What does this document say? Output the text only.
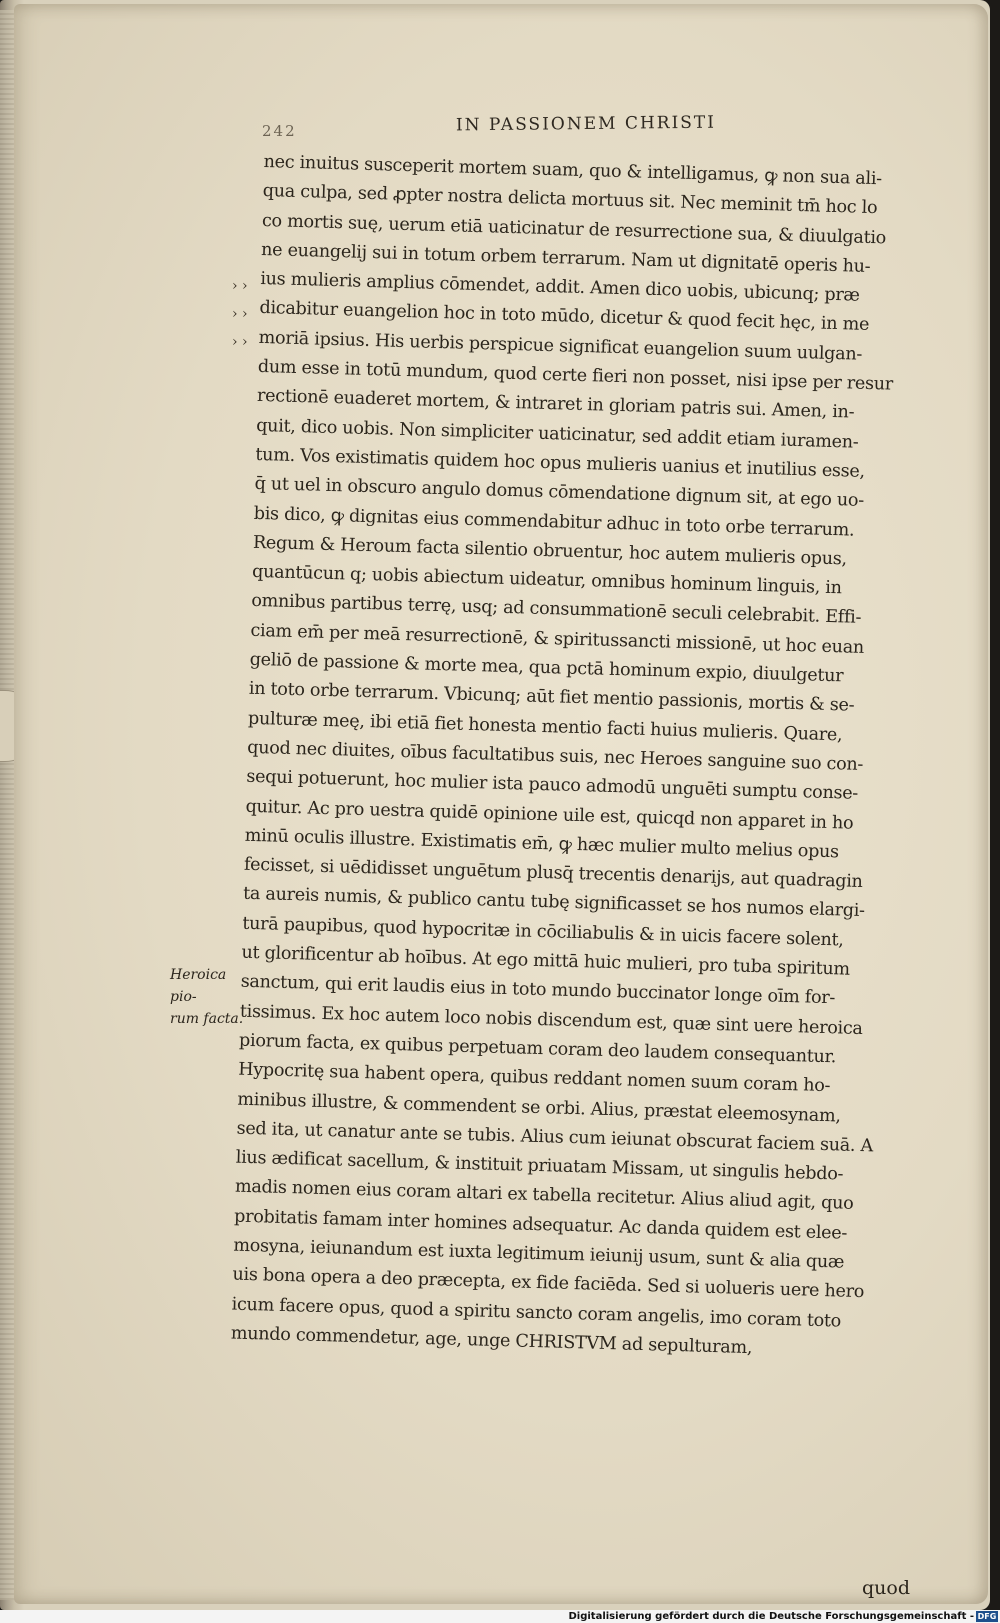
242	IN PASSIONEM CHRISTI
› ›
› ›
› ›
Heroica pio-
rum facta.
nec inuitus susceperit mortem suam, quo & intelligamus, ꝙ non sua ali-
qua culpa, sed ꝓpter nostra delicta mortuus sit. Nec meminit tm̄ hoc lo
co mortis suę, uerum etiā uaticinatur de resurrectione sua, & diuulgatio
ne euangelij sui in totum orbem terrarum. Nam ut dignitatē operis hu-
ius mulieris amplius cōmendet, addit. Amen dico uobis, ubicunq; præ
dicabitur euangelion hoc in toto mūdo, dicetur & quod fecit hęc, in me
moriā ipsius. His uerbis perspicue significat euangelion suum uulgan-
dum esse in totū mundum, quod certe fieri non posset, nisi ipse per resur
rectionē euaderet mortem, & intraret in gloriam patris sui. Amen, in-
quit, dico uobis. Non simpliciter uaticinatur, sed addit etiam iuramen-
tum. Vos existimatis quidem hoc opus mulieris uanius et inutilius esse,
q̄ ut uel in obscuro angulo domus cōmendatione dignum sit, at ego uo-
bis dico, ꝙ dignitas eius commendabitur adhuc in toto orbe terrarum.
Regum & Heroum facta silentio obruentur, hoc autem mulieris opus,
quantūcun q; uobis abiectum uideatur, omnibus hominum linguis, in
omnibus partibus terrę, usq; ad consummationē seculi celebrabit. Effi-
ciam em̄ per meā resurrectionē, & spiritussancti missionē, ut hoc euan
geliō de passione & morte mea, qua pctā hominum expio, diuulgetur
in toto orbe terrarum. Vbicunq; aūt fiet mentio passionis, mortis & se-
pulturæ meę, ibi etiā fiet honesta mentio facti huius mulieris. Quare,
quod nec diuites, oībus facultatibus suis, nec Heroes sanguine suo con-
sequi potuerunt, hoc mulier ista pauco admodū unguēti sumptu conse-
quitur. Ac pro uestra quidē opinione uile est, quicqd non apparet in ho
minū oculis illustre. Existimatis em̄, ꝙ hæc mulier multo melius opus
fecisset, si uēdidisset unguētum plusq̄ trecentis denarijs, aut quadragin
ta aureis numis, & publico cantu tubę significasset se hos numos elargi-
turā paupibus, quod hypocritæ in cōciliabulis & in uicis facere solent,
ut glorificentur ab hoībus. At ego mittā huic mulieri, pro tuba spiritum
sanctum, qui erit laudis eius in toto mundo buccinator longe oīm for-
tissimus. Ex hoc autem loco nobis discendum est, quæ sint uere heroica
piorum facta, ex quibus perpetuam coram deo laudem consequantur.
Hypocritę sua habent opera, quibus reddant nomen suum coram ho-
minibus illustre, & commendent se orbi. Alius, præstat eleemosynam,
sed ita, ut canatur ante se tubis. Alius cum ieiunat obscurat faciem suā. A
lius ædificat sacellum, & instituit priuatam Missam, ut singulis hebdo-
madis nomen eius coram altari ex tabella recitetur. Alius aliud agit, quo
probitatis famam inter homines adsequatur. Ac danda quidem est elee-
mosyna, ieiunandum est iuxta legitimum ieiunij usum, sunt & alia quæ
uis bona opera a deo præcepta, ex fide faciēda. Sed si uolueris uere hero
icum facere opus, quod a spiritu sancto coram angelis, imo coram toto
mundo commendetur, age, unge CHRISTVM ad sepulturam,
quod
Digitalisierung gefördert durch die Deutsche Forschungsgemeinschaft - DFG
